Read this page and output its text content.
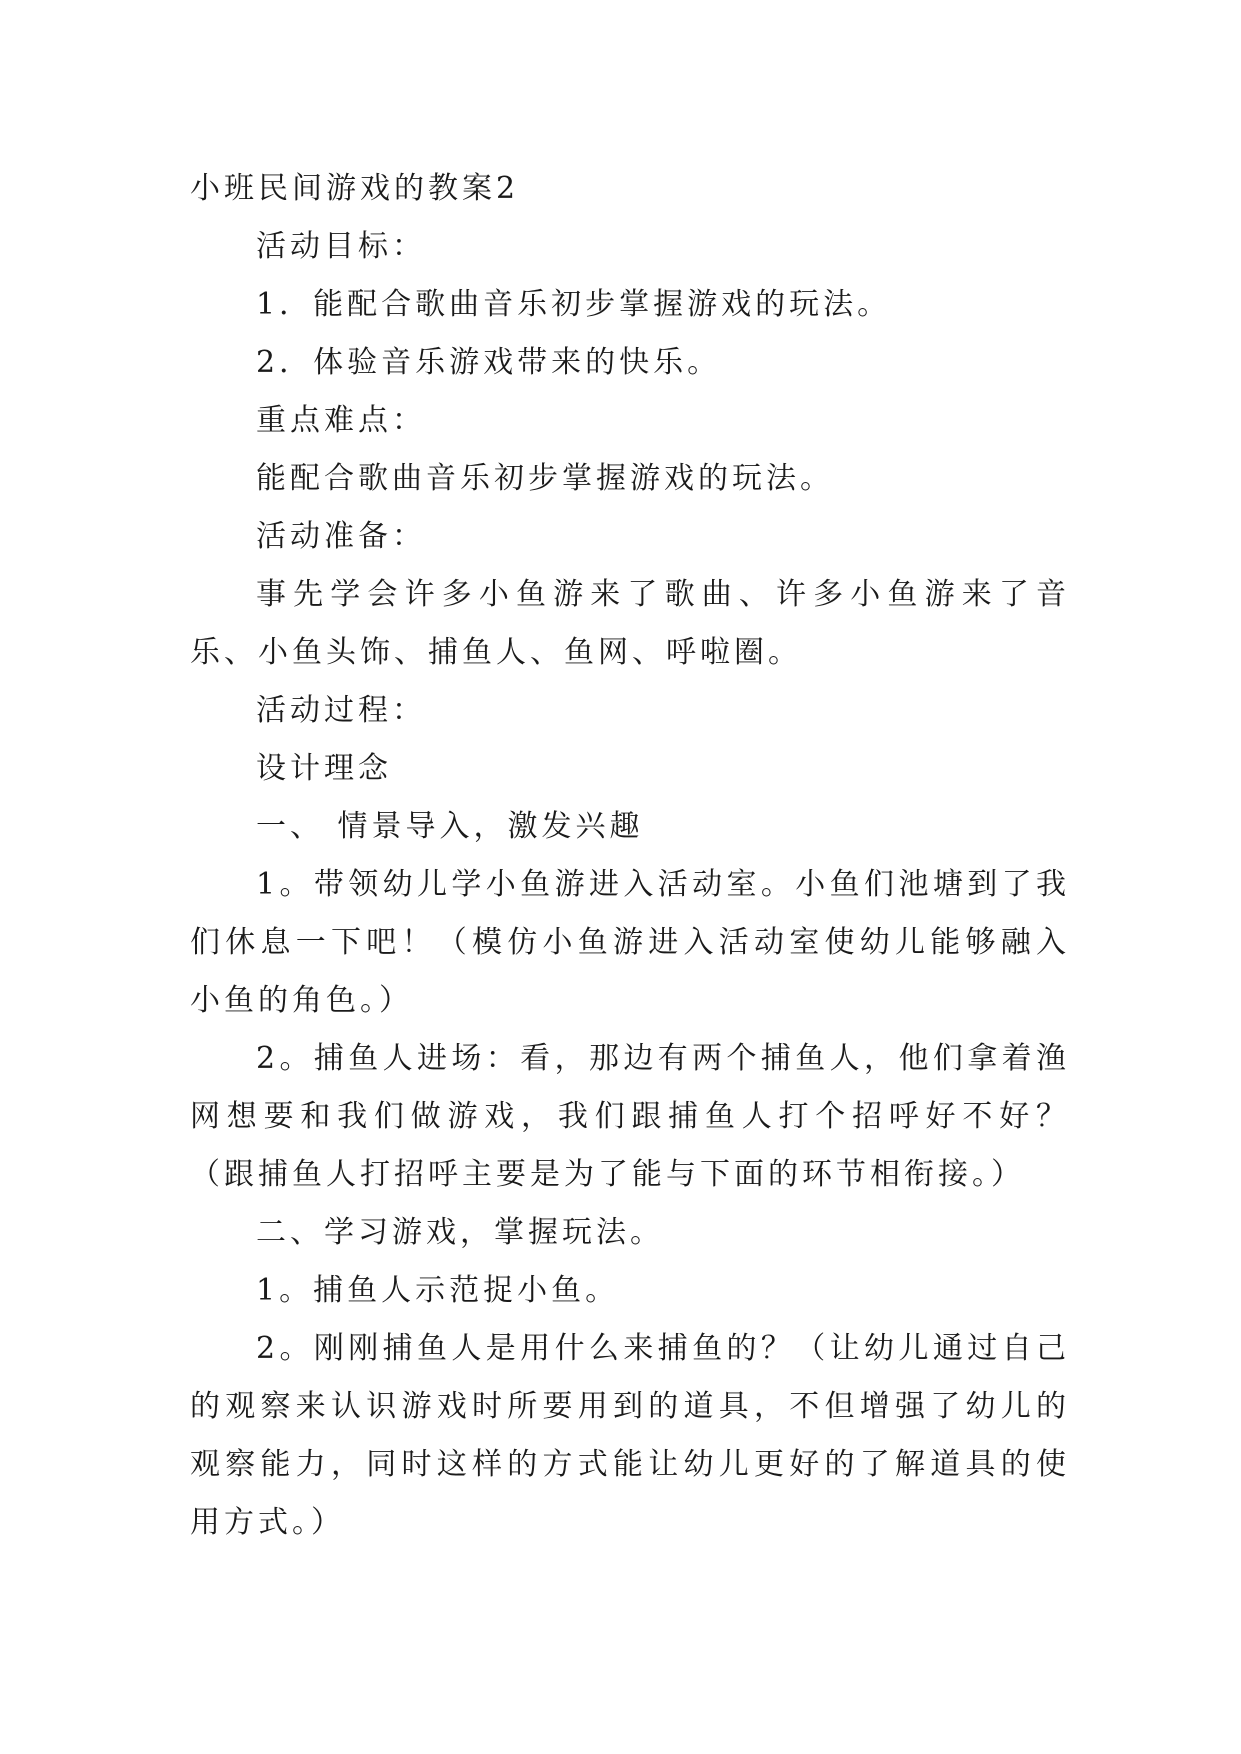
小班民间游戏的教案2

活动目标：

1．能配合歌曲音乐初步掌握游戏的玩法。

2．体验音乐游戏带来的快乐。

重点难点：

能配合歌曲音乐初步掌握游戏的玩法。

活动准备：

事先学会许多小鱼游来了歌曲、许多小鱼游来了音乐、小鱼头饰、捕鱼人、鱼网、呼啦圈。

活动过程：

设计理念

一、 情景导入，激发兴趣

1。带领幼儿学小鱼游进入活动室。小鱼们池塘到了我们休息一下吧！（模仿小鱼游进入活动室使幼儿能够融入小鱼的角色。）

2。捕鱼人进场：看，那边有两个捕鱼人，他们拿着渔网想要和我们做游戏，我们跟捕鱼人打个招呼好不好？（跟捕鱼人打招呼主要是为了能与下面的环节相衔接。）

二、学习游戏，掌握玩法。

1。捕鱼人示范捉小鱼。

2。刚刚捕鱼人是用什么来捕鱼的？（让幼儿通过自己的观察来认识游戏时所要用到的道具，不但增强了幼儿的观察能力，同时这样的方式能让幼儿更好的了解道具的使用方式。）
